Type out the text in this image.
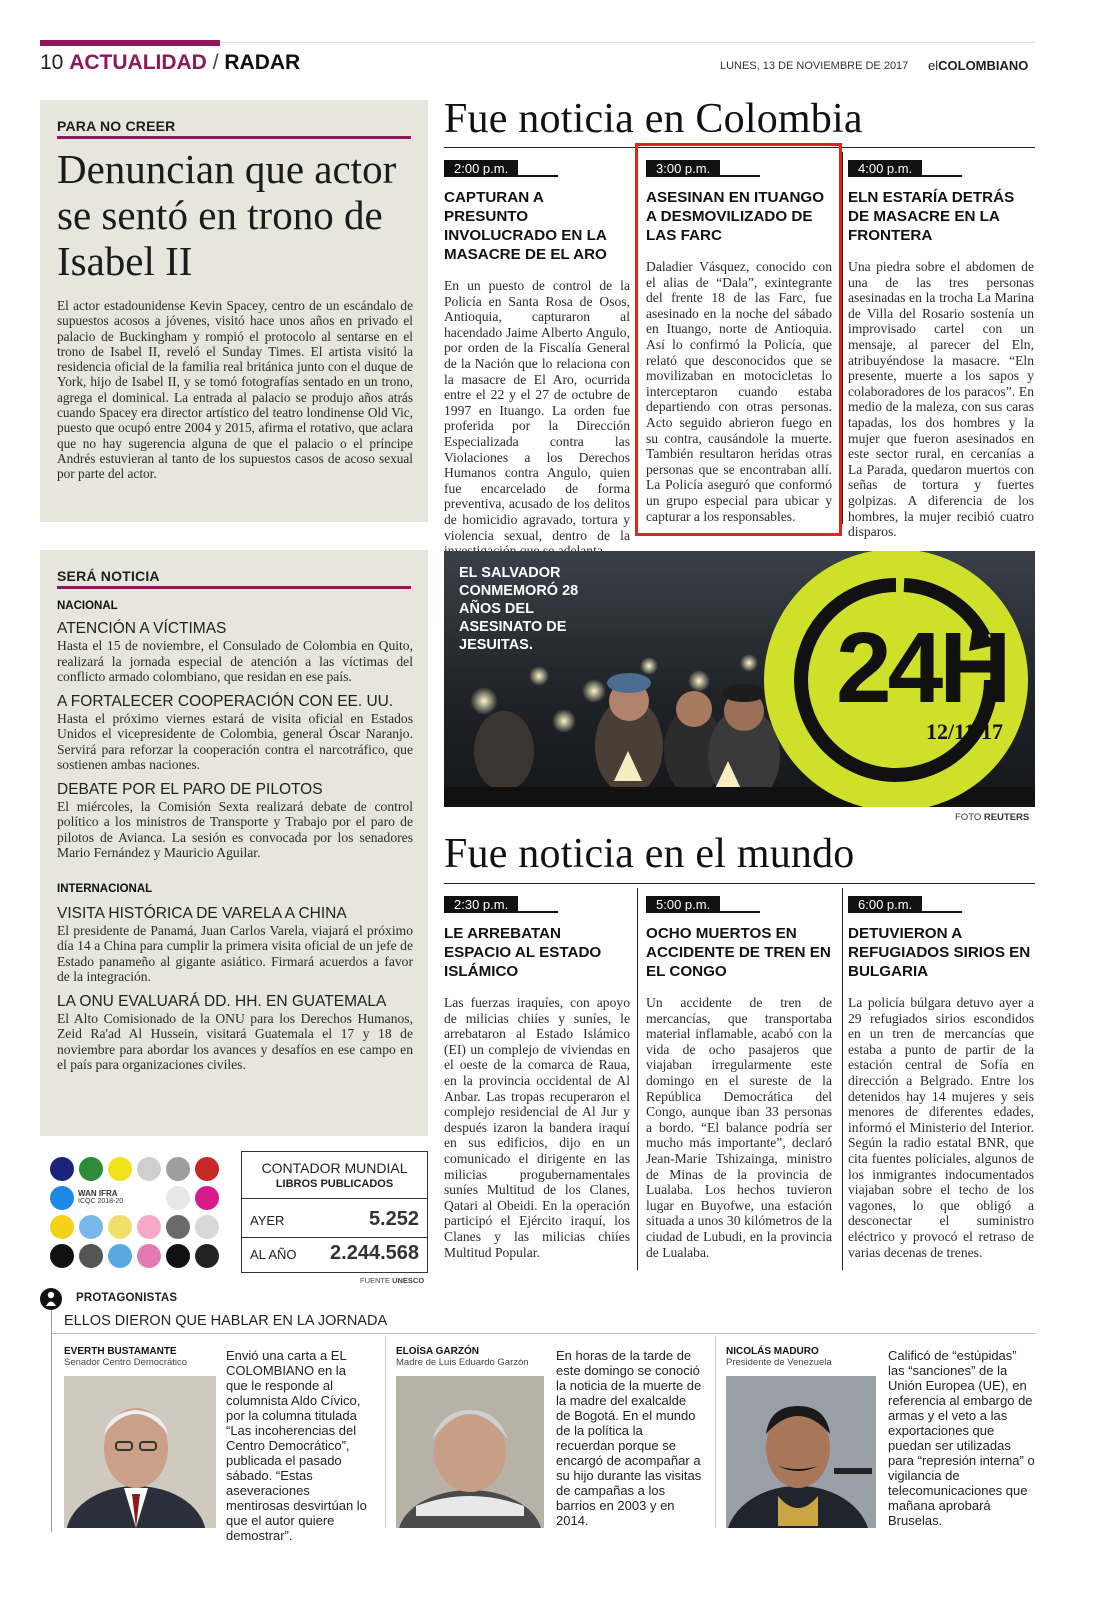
10 ACTUALIDAD / RADAR	LUNES, 13 DE NOVIEMBRE DE 2017 elCOLOMBIANO
PARA NO CREER
Denuncian que actor se sentó en trono de Isabel II
El actor estadounidense Kevin Spacey, centro de un escándalo de supuestos acosos a jóvenes, visitó hace unos años en privado el palacio de Buckingham y rompió el protocolo al sentarse en el trono de Isabel II, reveló el Sunday Times. El artista visitó la residencia oficial de la familia real británica junto con el duque de York, hijo de Isabel II, y se tomó fotografías sentado en un trono, agrega el dominical. La entrada al palacio se produjo años atrás cuando Spacey era director artístico del teatro londinense Old Vic, puesto que ocupó entre 2004 y 2015, afirma el rotativo, que aclara que no hay sugerencia alguna de que el palacio o el príncipe Andrés estuvieran al tanto de los supuestos casos de acoso sexual por parte del actor.
Fue noticia en Colombia
2:00 p.m.
CAPTURAN A PRESUNTO INVOLUCRADO EN LA MASACRE DE EL ARO
En un puesto de control de la Policía en Santa Rosa de Osos, Antioquia, capturaron al hacendado Jaime Alberto Angulo, por orden de la Fiscalía General de la Nación que lo relaciona con la masacre de El Aro, ocurrida entre el 22 y el 27 de octubre de 1997 en Ituango. La orden fue proferida por la Dirección Especializada contra las Violaciones a los Derechos Humanos contra Angulo, quien fue encarcelado de forma preventiva, acusado de los delitos de homicidio agravado, tortura y violencia sexual, dentro de la
3:00 p.m.
ASESINAN EN ITUANGO A DESMOVILIZADO DE LAS FARC
Daladier Vásquez, conocido con el alias de “Dala”, exintegrante del frente 18 de las Farc, fue asesinado en la noche del sábado en Ituango, norte de Antioquia. Así lo confirmó la Policía, que relató que desconocidos que se movilizaban en motocicletas lo interceptaron cuando estaba departiendo con otras personas. Acto seguido abrieron fuego en su contra, causándole la muerte. También resultaron heridas otras personas que se encontraban allí. La Policía aseguró que conformó un grupo especial para ubicar y capturar a los responsables.
4:00 p.m.
ELN ESTARÍA DETRÁS DE MASACRE EN LA FRONTERA
Una piedra sobre el abdomen de una de las tres personas asesinadas en la trocha La Marina de Villa del Rosario sostenía un improvisado cartel con un mensaje, al parecer del Eln, atribuyéndose la masacre. “Eln presente, muerte a los sapos y colaboradores de los paracos”. En medio de la maleza, con sus caras tapadas, los dos hombres y la mujer que fueron asesinados en este sector rural, en cercanías a La Parada, quedaron muertos con señas de tortura y fuertes golpizas. A diferencia de los hombres, la mujer recibió cuatro disparos.
SERÁ NOTICIA
NACIONAL
ATENCIÓN A VÍCTIMAS
Hasta el 15 de noviembre, el Consulado de Colombia en Quito, realizará la jornada especial de atención a las víctimas del conflicto armado colombiano, que residan en ese país.
A FORTALECER COOPERACIÓN CON EE. UU.
Hasta el próximo viernes estará de visita oficial en Estados Unidos el vicepresidente de Colombia, general Óscar Naranjo. Servirá para reforzar la cooperación contra el narcotráfico, que sostienen ambas naciones.
DEBATE POR EL PARO DE PILOTOS
El miércoles, la Comisión Sexta realizará debate de control político a los ministros de Transporte y Trabajo por el paro de pilotos de Avianca. La sesión es convocada por los senadores Mario Fernández y Mauricio Aguilar.
INTERNACIONAL
VISITA HISTÓRICA DE VARELA A CHINA
El presidente de Panamá, Juan Carlos Varela, viajará el próximo día 14 a China para cumplir la primera visita oficial de un jefe de Estado panameño al gigante asiático. Firmará acuerdos a favor de la integración.
LA ONU EVALUARÁ DD. HH. EN GUATEMALA
El Alto Comisionado de la ONU para los Derechos Humanos, Zeid Ra'ad Al Hussein, visitará Guatemala el 17 y 18 de noviembre para abordar los avances y desafíos en ese campo en el país para organizaciones civiles.
24H
12/11/17
EL SALVADOR CONMEMORÓ 28 AÑOS DEL ASESINATO DE JESUITAS.
FOTO REUTERS
Fue noticia en el mundo
2:30 p.m.
LE ARREBATAN ESPACIO AL ESTADO ISLÁMICO
Las fuerzas iraquíes, con apoyo de milicias chiíes y suníes, le arrebataron al Estado Islámico (EI) un complejo de viviendas en el oeste de la comarca de Raua, en la provincia occidental de Al Anbar. Las tropas recuperaron el complejo residencial de Al Jur y después izaron la bandera iraquí en sus edificios, dijo en un comunicado el dirigente en las milicias progubernamentales suníes Multitud de los Clanes, Qatari al Obeidi. En la operación participó el Ejército iraquí, los Clanes y las milicias chiíes Multitud Popular.
5:00 p.m.
OCHO MUERTOS EN ACCIDENTE DE TREN EN EL CONGO
Un accidente de tren de mercancías, que transportaba material inflamable, acabó con la vida de ocho pasajeros que viajaban irregularmente este domingo en el sureste de la República Democrática del Congo, aunque iban 33 personas a bordo. “El balance podría ser mucho más importante”, declaró Jean-Marie Tshizainga, ministro de Minas de la provincia de Lualaba. Los hechos tuvieron lugar en Buyofwe, una estación situada a unos 30 kilómetros de la ciudad de Lubudi, en la provincia de Lualaba.
6:00 p.m.
DETUVIERON A REFUGIADOS SIRIOS EN BULGARIA
La policía búlgara detuvo ayer a 29 refugiados sirios escondidos en un tren de mercancías que estaba a punto de partir de la estación central de Sofía en dirección a Belgrado. Entre los detenidos hay 14 mujeres y seis menores de diferentes edades, informó el Ministerio del Interior. Según la radio estatal BNR, que cita fuentes policiales, algunos de los inmigrantes indocumentados viajaban sobre el techo de los vagones, lo que obligó a desconectar el suministro eléctrico y provocó el retraso de varias decenas de trenes.
WAN IFRA
ICQC 2018-20
CONTADOR MUNDIAL
LIBROS PUBLICADOS
AYER	5.252
AL AÑO 2.244.568
FUENTE UNESCO
PROTAGONISTAS
ELLOS DIERON QUE HABLAR EN LA JORNADA
EVERTH BUSTAMANTE
Senador Centro Democrático	Envió una carta a EL COLOMBIANO en la que le responde al columnista Aldo Cívico, por la columna titulada “Las incoherencias del Centro Democrático”, publicada el pasado sábado. “Estas aseveraciones mentirosas desvirtúan lo que el autor quiere demostrar”.
ELOÍSA GARZÓN
Madre de Luis Eduardo Garzón	En horas de la tarde de este domingo se conoció la noticia de la muerte de la madre del exalcalde de Bogotá. En el mundo de la política la recuerdan porque se encargó de acompañar a su hijo durante las visitas de campañas a los barrios en 2003 y en 2014.
NICOLÁS MADURO
Presidente de Venezuela	Calificó de “estúpidas” las “sanciones” de la Unión Europea (UE), en referencia al embargo de armas y el veto a las exportaciones que puedan ser utilizadas para “represión interna” o vigilancia de telecomunicaciones que mañana aprobará Bruselas.
